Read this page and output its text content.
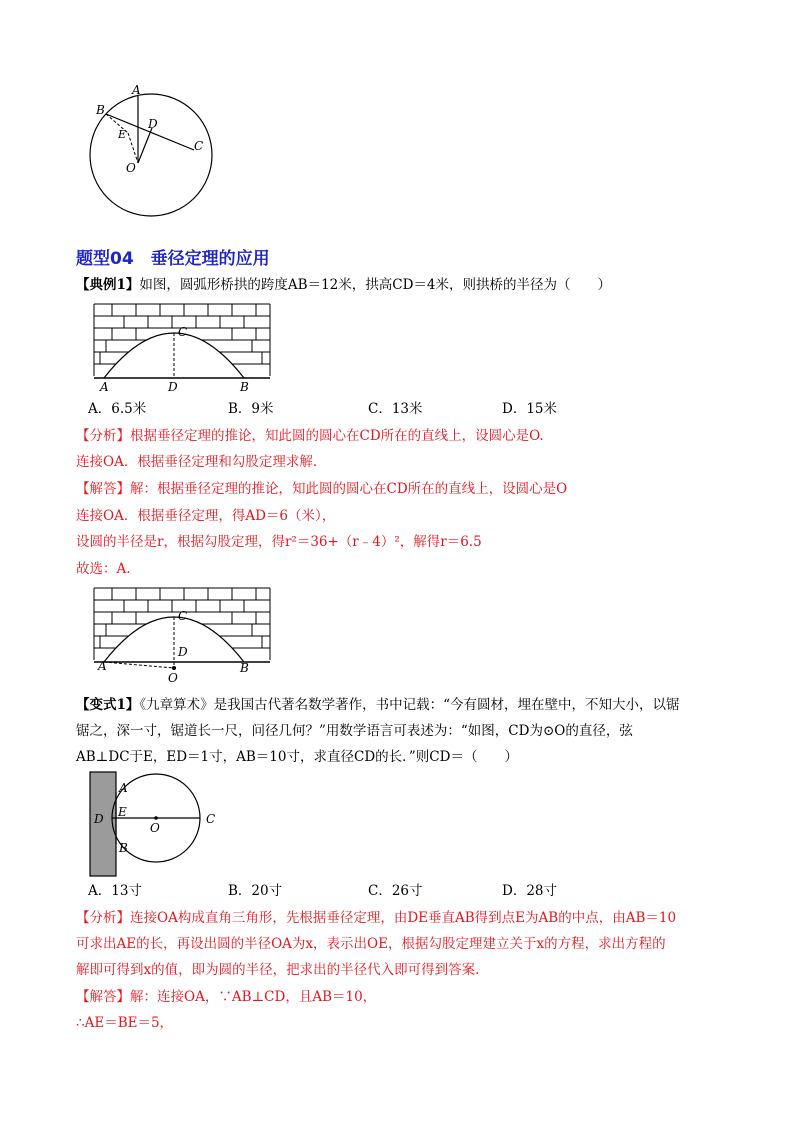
A
B
C
D
E
O
题型04　垂径定理的应用
【典例1】如图，圆弧形桥拱的跨度AB＝12米，拱高CD＝4米，则拱桥的半径为（　　）
C
A	D	B
A．6.5米	B．9米	C．13米	D．15米
【分析】根据垂径定理的推论，知此圆的圆心在CD所在的直线上，设圆心是O.
连接OA．根据垂径定理和勾股定理求解.
【解答】解：根据垂径定理的推论，知此圆的圆心在CD所在的直线上，设圆心是O
连接OA．根据垂径定理，得AD＝6（米），
设圆的半径是r，根据勾股定理，得r²＝36+（r﹣4）²，解得r＝6.5
故选：A.
C
D
A	B
O
【变式1】《九章算术》是我国古代著名数学著作，书中记载：“今有圆材，埋在壁中，不知大小，以锯
锯之，深一寸，锯道长一尺，问径几何？”用数学语言可表述为：“如图，CD为⊙O的直径，弦
AB⊥DC于E，ED＝1寸，AB＝10寸，求直径CD的长．”则CD＝（　　）
A
E
D
O
C
B
A．13寸	B．20寸	C．26寸	D．28寸
【分析】连接OA构成直角三角形，先根据垂径定理，由DE垂直AB得到点E为AB的中点，由AB＝10
可求出AE的长，再设出圆的半径OA为x，表示出OE，根据勾股定理建立关于x的方程，求出方程的
解即可得到x的值，即为圆的半径，把求出的半径代入即可得到答案.
【解答】解：连接OA，∵AB⊥CD，且AB＝10，
∴AE＝BE＝5，
